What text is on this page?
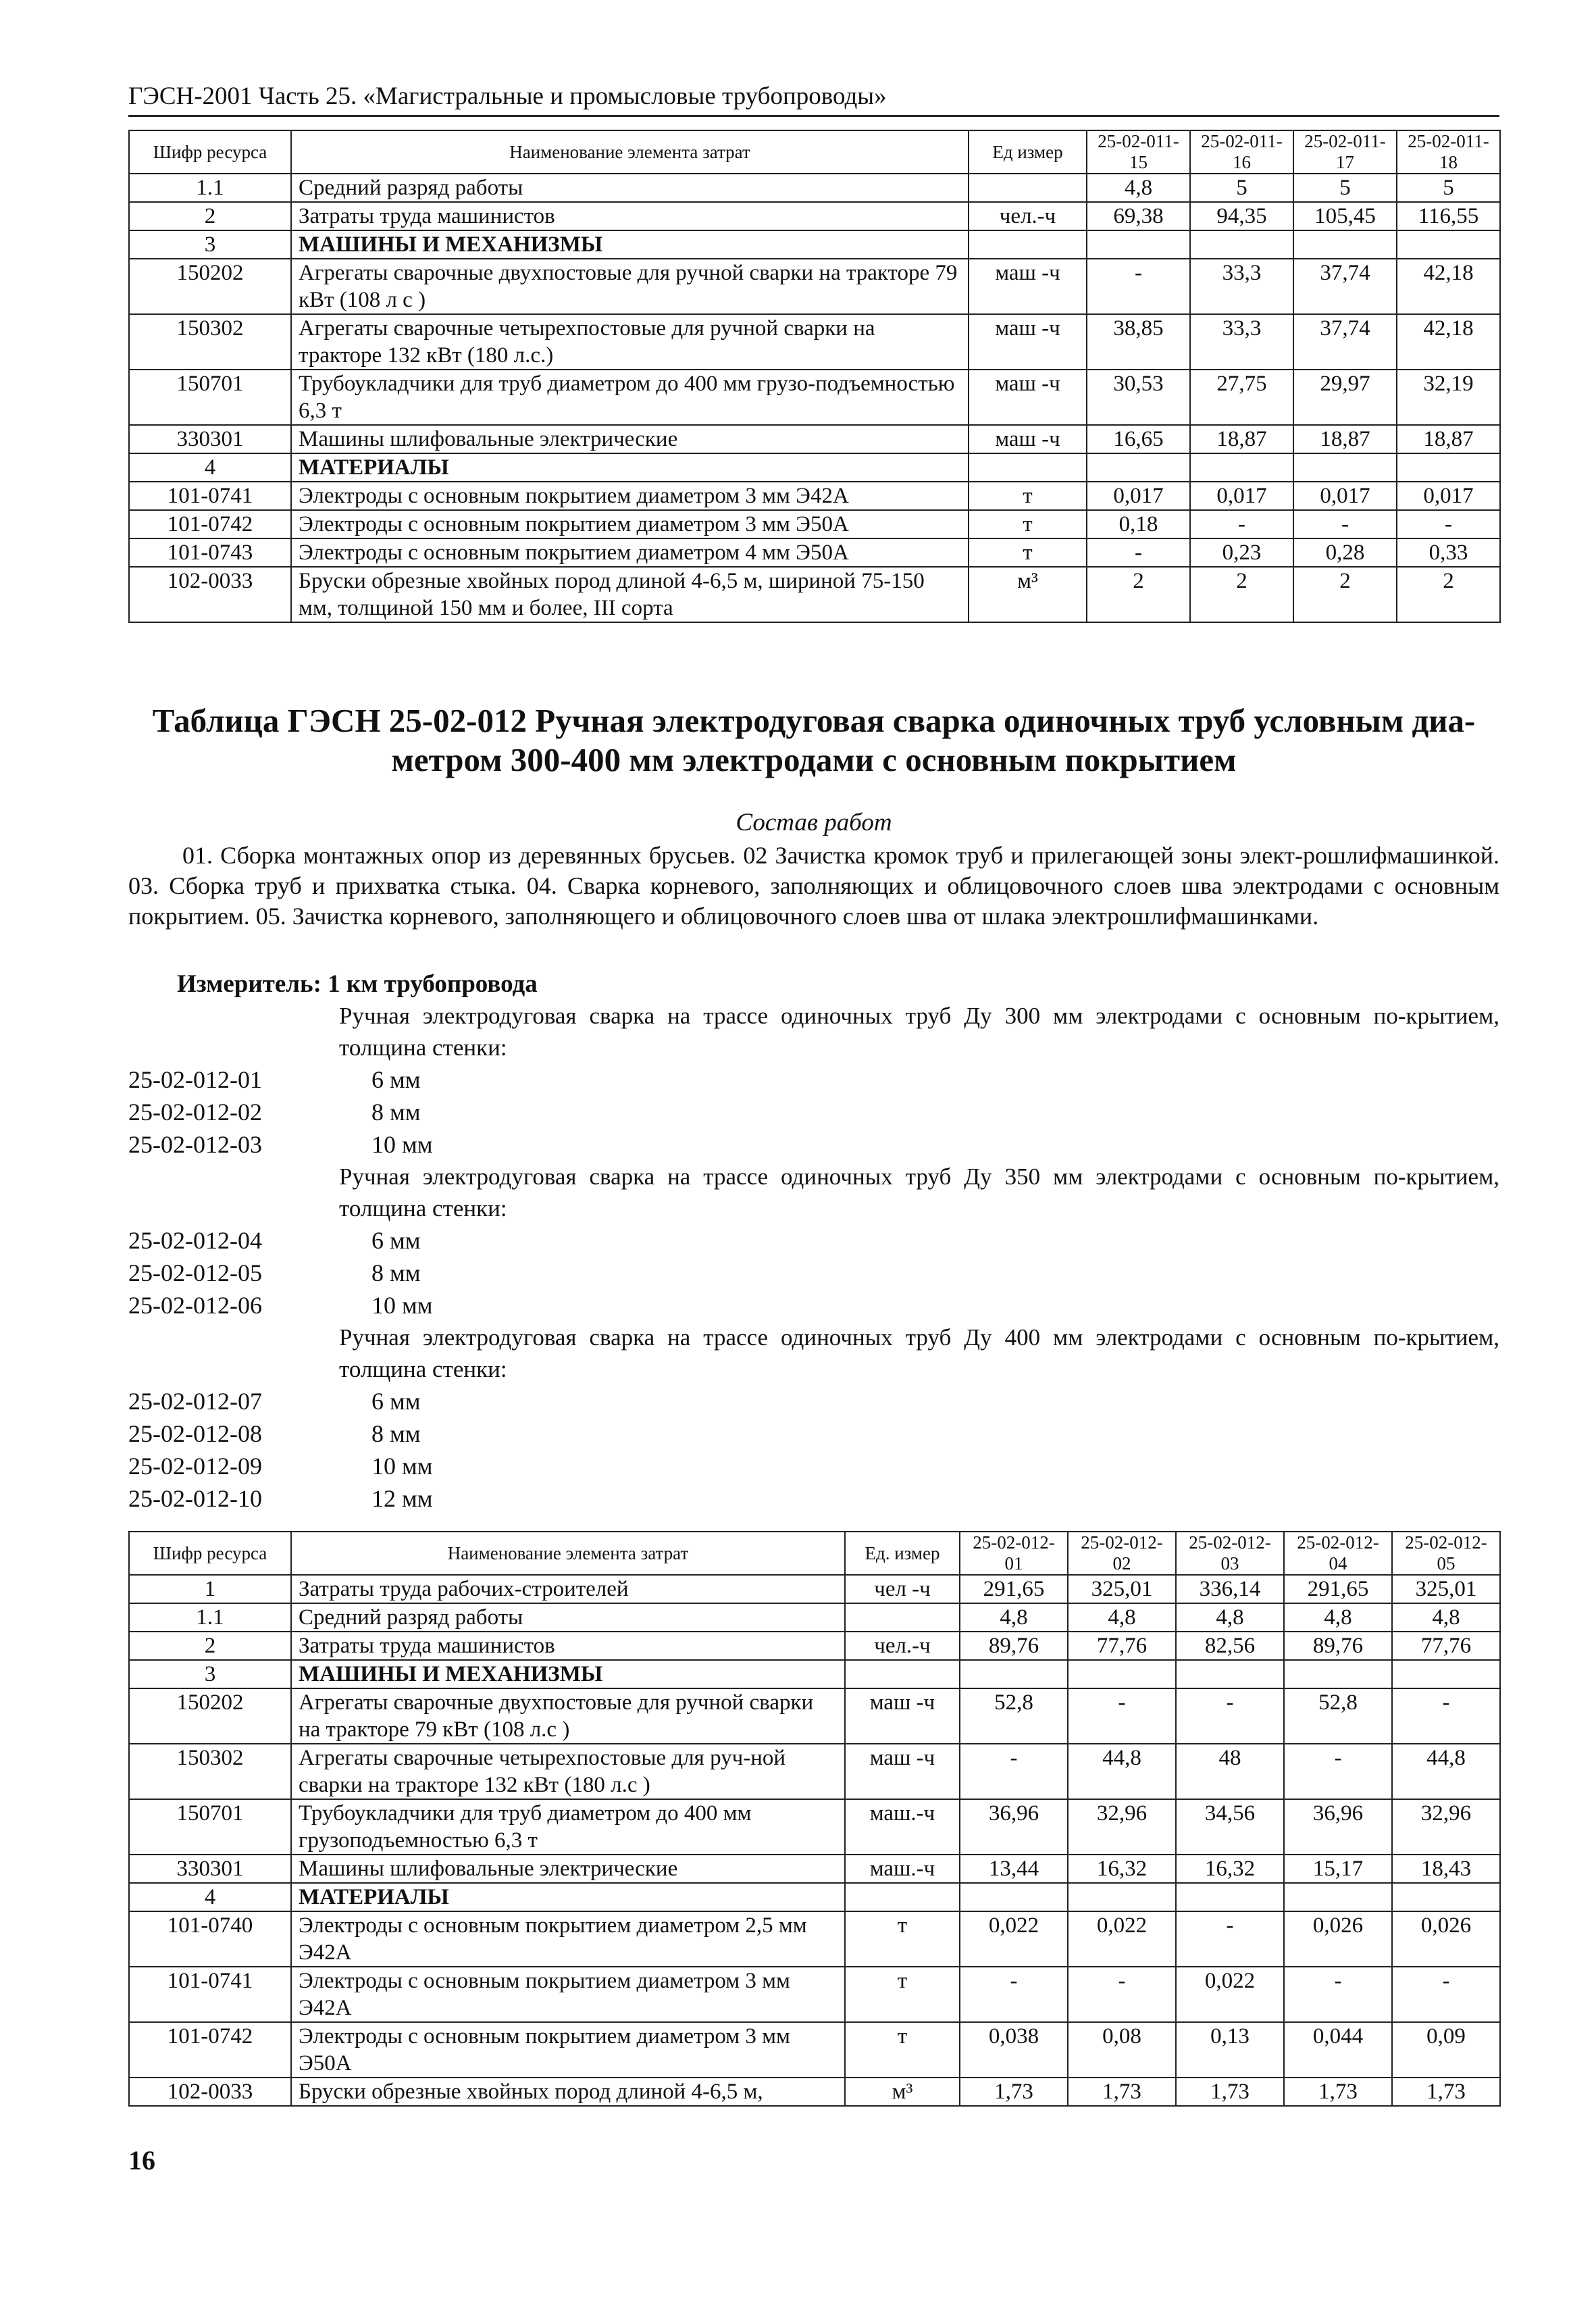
ГЭСН-2001 Часть 25. «Магистральные и промысловые трубопроводы»
Шифр ресурса	Наименование элемента затрат	Ед измер	25-02-011-15	25-02-011-16	25-02-011-17	25-02-011-18
1.1	Средний разряд работы		4,8	5	5	5
2	Затраты труда машинистов	чел.-ч	69,38	94,35	105,45	116,55
3	МАШИНЫ И МЕХАНИЗМЫ					
150202	Агрегаты сварочные двухпостовые для ручной сварки на тракторе 79 кВт (108 л с )	маш -ч	-	33,3	37,74	42,18
150302	Агрегаты сварочные четырехпостовые для ручной сварки на тракторе 132 кВт (180 л.с.)	маш -ч	38,85	33,3	37,74	42,18
150701	Трубоукладчики для труб диаметром до 400 мм грузо-подъемностью 6,3 т	маш -ч	30,53	27,75	29,97	32,19
330301	Машины шлифовальные электрические	маш -ч	16,65	18,87	18,87	18,87
4	МАТЕРИАЛЫ					
101-0741	Электроды с основным покрытием диаметром 3 мм Э42А	т	0,017	0,017	0,017	0,017
101-0742	Электроды с основным покрытием диаметром 3 мм Э50А	т	0,18	-	-	-
101-0743	Электроды с основным покрытием диаметром 4 мм Э50А	т	-	0,23	0,28	0,33
102-0033	Бруски обрезные хвойных пород длиной 4-6,5 м, шириной 75-150 мм, толщиной 150 мм и более, III сорта	м³	2	2	2	2
Таблица ГЭСН 25-02-012 Ручная электродуговая сварка одиночных труб условным диа-метром 300-400 мм электродами с основным покрытием
Состав работ
01. Сборка монтажных опор из деревянных брусьев. 02 Зачистка кромок труб и прилегающей зоны элект-рошлифмашинкой. 03. Сборка труб и прихватка стыка. 04. Сварка корневого, заполняющих и облицовочного слоев шва электродами с основным покрытием. 05. Зачистка корневого, заполняющего и облицовочного слоев шва от шлака электрошлифмашинками.
Измеритель: 1 км трубопровода
Ручная электродуговая сварка на трассе одиночных труб Ду 300 мм электродами с основным по-крытием, толщина стенки:
25-02-012-01	6 мм
25-02-012-02	8 мм
25-02-012-03	10 мм
Ручная электродуговая сварка на трассе одиночных труб Ду 350 мм электродами с основным по-крытием, толщина стенки:
25-02-012-04	6 мм
25-02-012-05	8 мм
25-02-012-06	10 мм
Ручная электродуговая сварка на трассе одиночных труб Ду 400 мм электродами с основным по-крытием, толщина стенки:
25-02-012-07	6 мм
25-02-012-08	8 мм
25-02-012-09	10 мм
25-02-012-10	12 мм
Шифр ресурса	Наименование элемента затрат	Ед. измер	25-02-012-01	25-02-012-02	25-02-012-03	25-02-012-04	25-02-012-05
1	Затраты труда рабочих-строителей	чел -ч	291,65	325,01	336,14	291,65	325,01
1.1	Средний разряд работы		4,8	4,8	4,8	4,8	4,8
2	Затраты труда машинистов	чел.-ч	89,76	77,76	82,56	89,76	77,76
3	МАШИНЫ И МЕХАНИЗМЫ						
150202	Агрегаты сварочные двухпостовые для ручной сварки на тракторе 79 кВт (108 л.с )	маш -ч	52,8	-	-	52,8	-
150302	Агрегаты сварочные четырехпостовые для руч-ной сварки на тракторе 132 кВт (180 л.с )	маш -ч	-	44,8	48	-	44,8
150701	Трубоукладчики для труб диаметром до 400 мм грузоподъемностью 6,3 т	маш.-ч	36,96	32,96	34,56	36,96	32,96
330301	Машины шлифовальные электрические	маш.-ч	13,44	16,32	16,32	15,17	18,43
4	МАТЕРИАЛЫ						
101-0740	Электроды с основным покрытием диаметром 2,5 мм Э42А	т	0,022	0,022	-	0,026	0,026
101-0741	Электроды с основным покрытием диаметром 3 мм Э42А	т	-	-	0,022	-	-
101-0742	Электроды с основным покрытием диаметром 3 мм Э50А	т	0,038	0,08	0,13	0,044	0,09
102-0033	Бруски обрезные хвойных пород длиной 4-6,5 м,	м³	1,73	1,73	1,73	1,73	1,73
16
